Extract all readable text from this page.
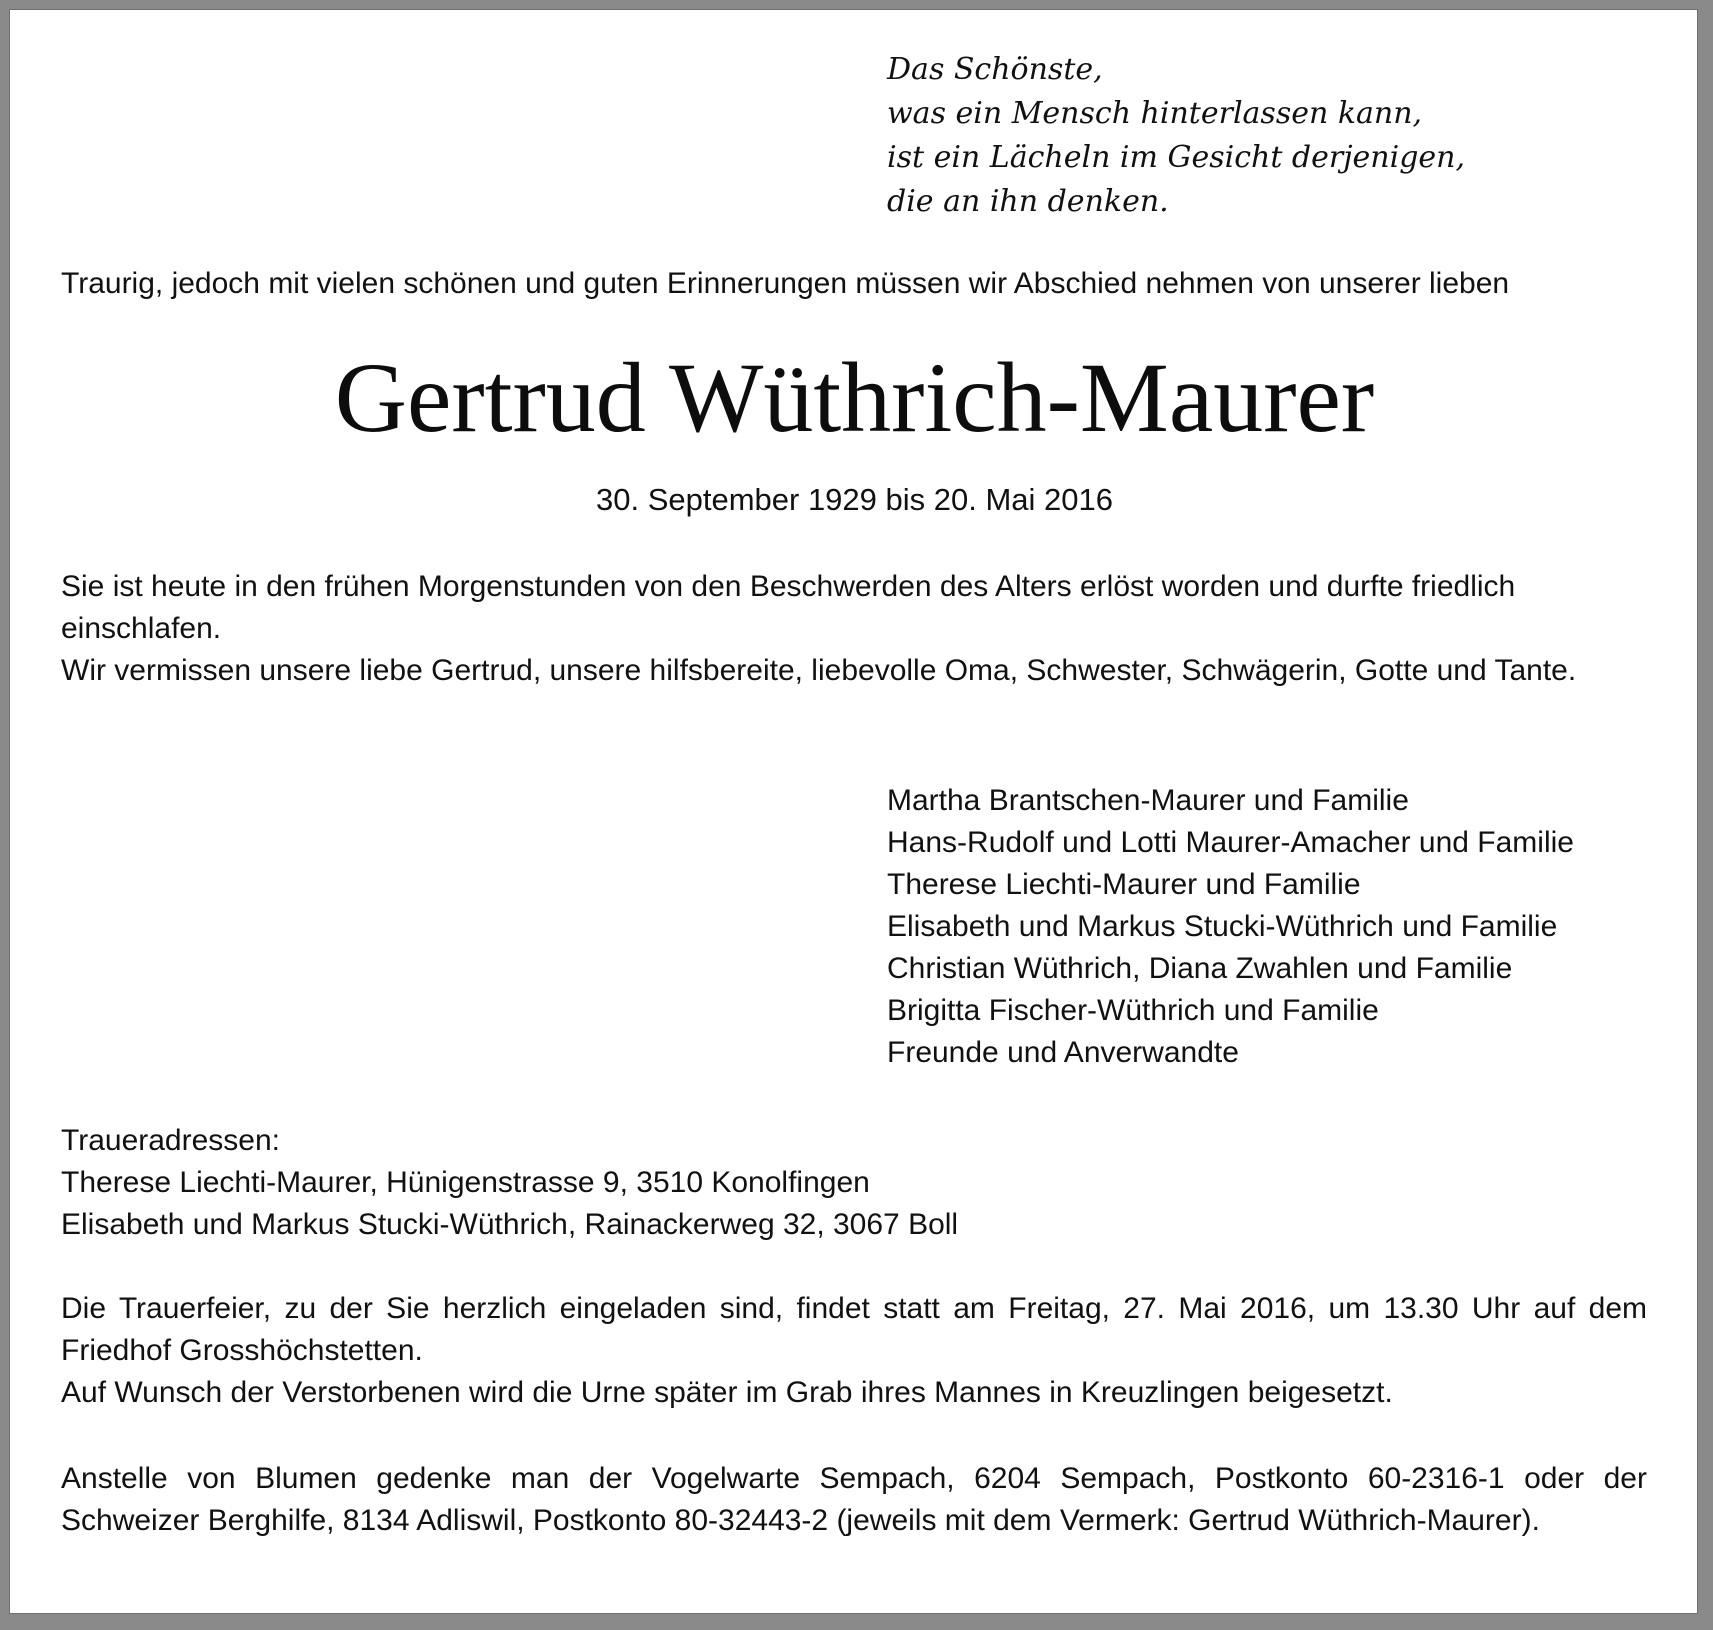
Das Schönste,
was ein Mensch hinterlassen kann,
ist ein Lächeln im Gesicht derjenigen,
die an ihn denken.
Traurig, jedoch mit vielen schönen und guten Erinnerungen müssen wir Abschied nehmen von unserer lieben
Gertrud Wüthrich-Maurer
30. September 1929 bis 20. Mai 2016

Sie ist heute in den frühen Morgenstunden von den Beschwerden des Alters erlöst worden und durfte friedlich einschlafen.

Wir vermissen unsere liebe Gertrud, unsere hilfsbereite, liebevolle Oma, Schwester, Schwägerin, Gotte und Tante.

Martha Brantschen-Maurer und Familie
Hans-Rudolf und Lotti Maurer-Amacher und Familie
Therese Liechti-Maurer und Familie
Elisabeth und Markus Stucki-Wüthrich und Familie
Christian Wüthrich, Diana Zwahlen und Familie
Brigitta Fischer-Wüthrich und Familie
Freunde und Anverwandte
Traueradressen:
Therese Liechti-Maurer, Hünigenstrasse 9, 3510 Konolfingen
Elisabeth und Markus Stucki-Wüthrich, Rainackerweg 32, 3067 Boll

Die Trauerfeier, zu der Sie herzlich eingeladen sind, findet statt am Freitag, 27. Mai 2016, um 13.30 Uhr auf dem Friedhof Grosshöchstetten.

Auf Wunsch der Verstorbenen wird die Urne später im Grab ihres Mannes in Kreuzlingen beigesetzt.

Anstelle von Blumen gedenke man der Vogelwarte Sempach, 6204 Sempach, Postkonto 60-2316-1 oder der Schweizer Berghilfe, 8134 Adliswil, Postkonto 80-32443-2 (jeweils mit dem Vermerk: Gertrud Wüthrich-Maurer).
